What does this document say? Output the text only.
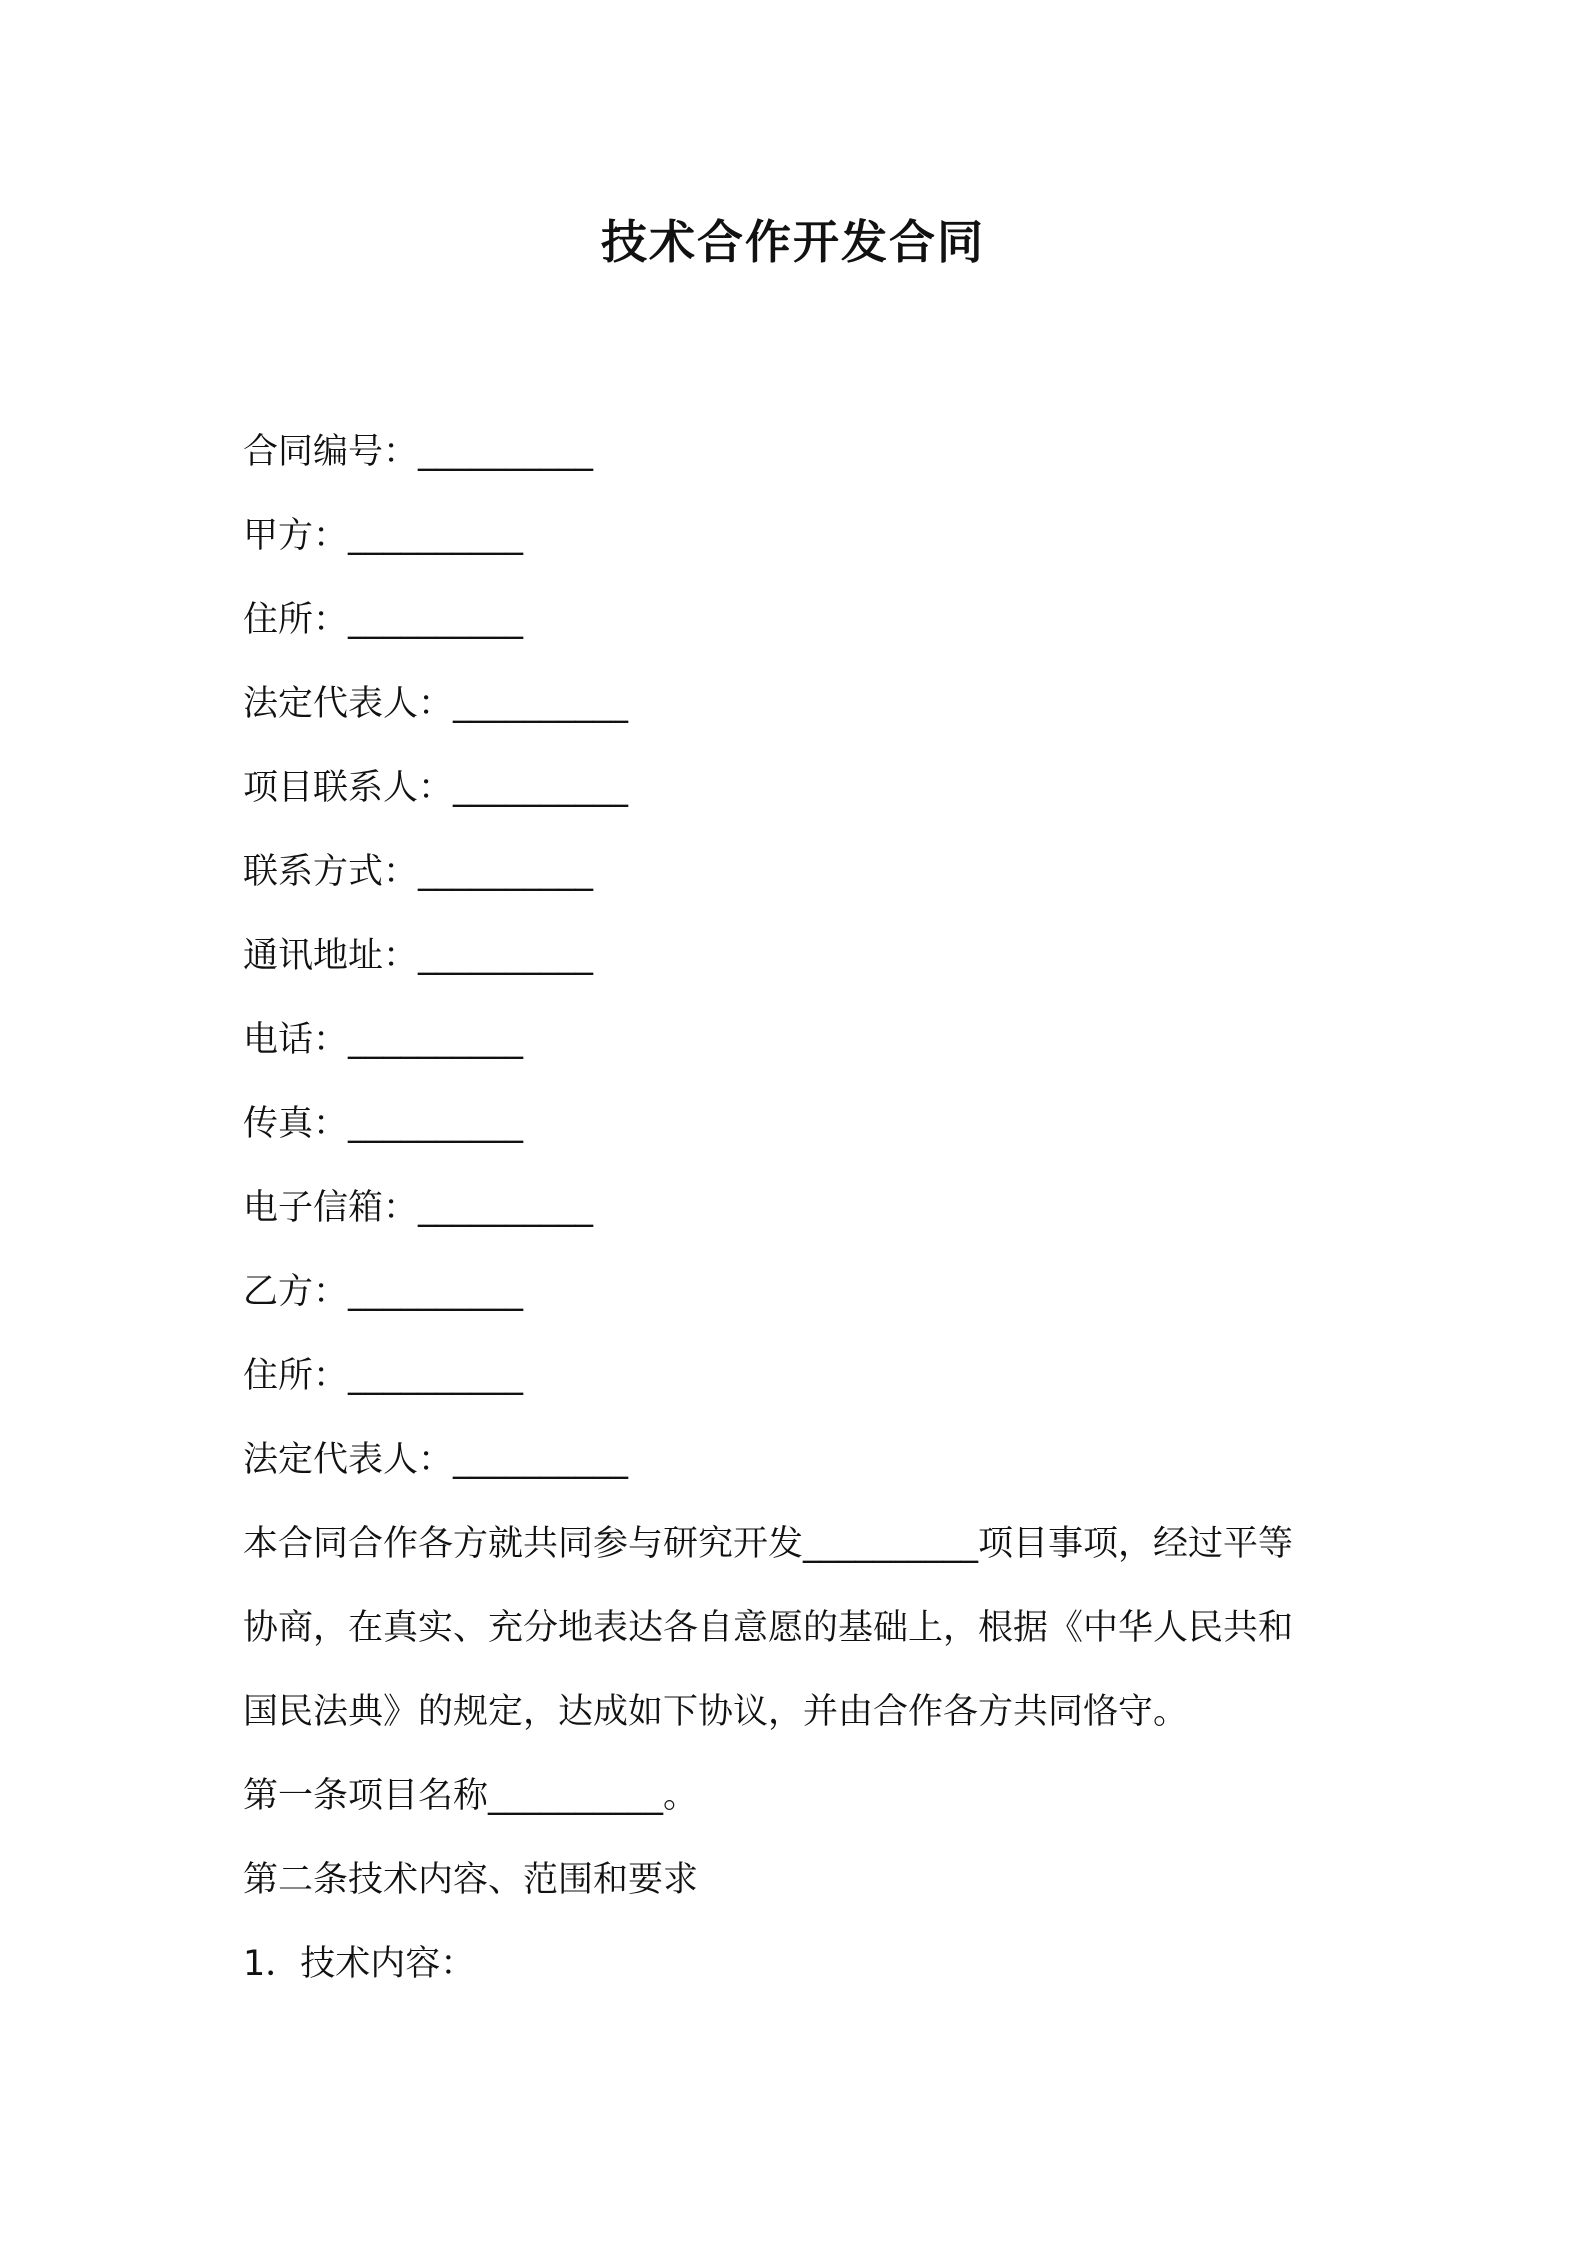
技术合作开发合同
合同编号：__________
甲方：__________
住所：__________
法定代表人：__________
项目联系人：__________
联系方式：__________
通讯地址：__________
电话：__________
传真：__________
电子信箱：__________
乙方：__________
住所：__________
法定代表人：__________
本合同合作各方就共同参与研究开发__________项目事项，经过平等
协商，在真实、充分地表达各自意愿的基础上，根据《中华人民共和
国民法典》的规定，达成如下协议，并由合作各方共同恪守。
第一条项目名称__________。
第二条技术内容、范围和要求
1．技术内容：
